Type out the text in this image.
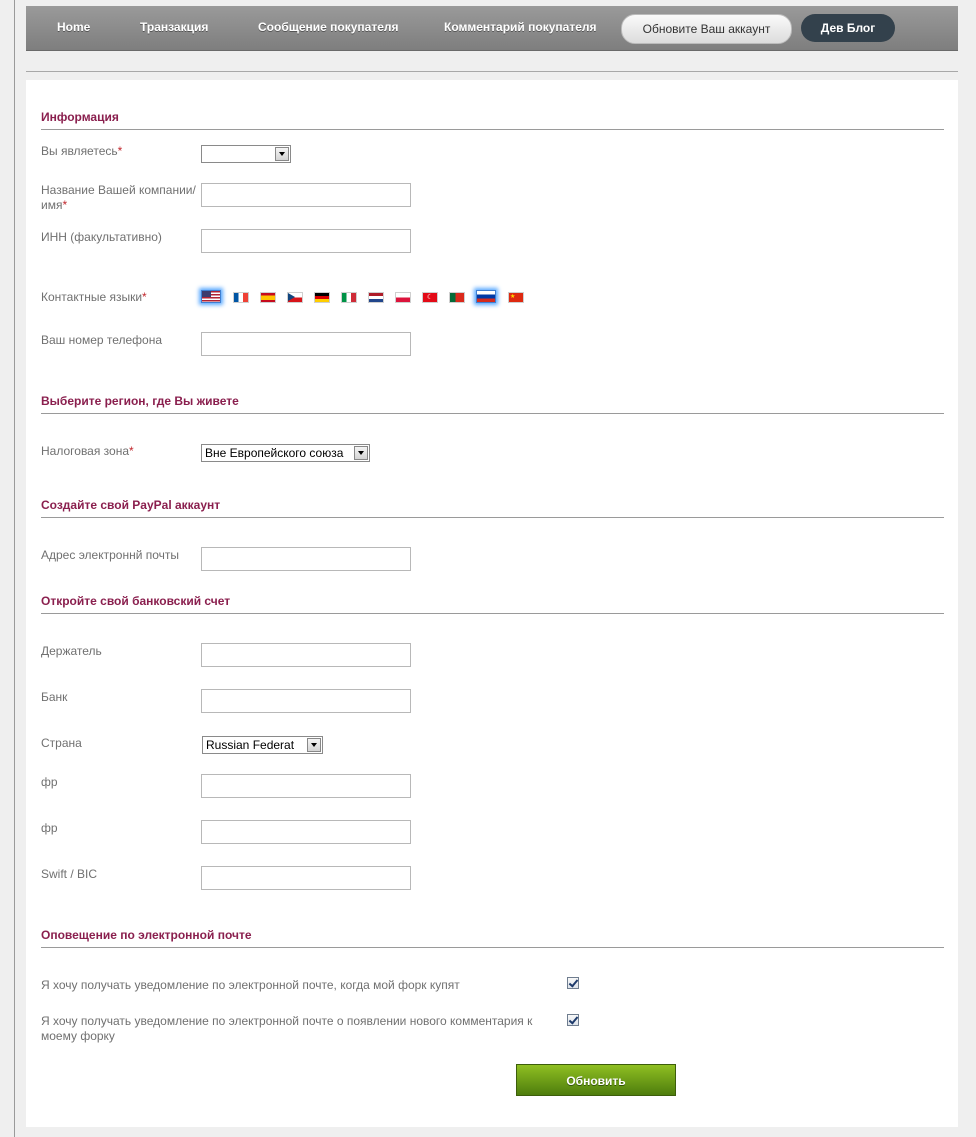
Home	Транзакция	Сообщение покупателя	Комментарий покупателя	Обновите Ваш аккаунт	Дев Блог
Информация
Вы являетесь*
Название Вашей компании/
имя*
ИНН (факультативно)
Контактные языки*	☾	★
Ваш номер телефона
Выберите регион, где Вы живете
Налоговая зона*	Вне Европейского союза
Создайте свой PayPal аккаунт
Адрес электроннй почты
Откройте свой банковский счет
Держатель
Банк
Страна	Russian Federat
фр
фр
Swift / BIC
Оповещение по электронной почте
Я хочу получать уведомление по электронной почте, когда мой форк купят
Я хочу получать уведомление по электронной почте о появлении нового комментария к
моему форку
Обновить
